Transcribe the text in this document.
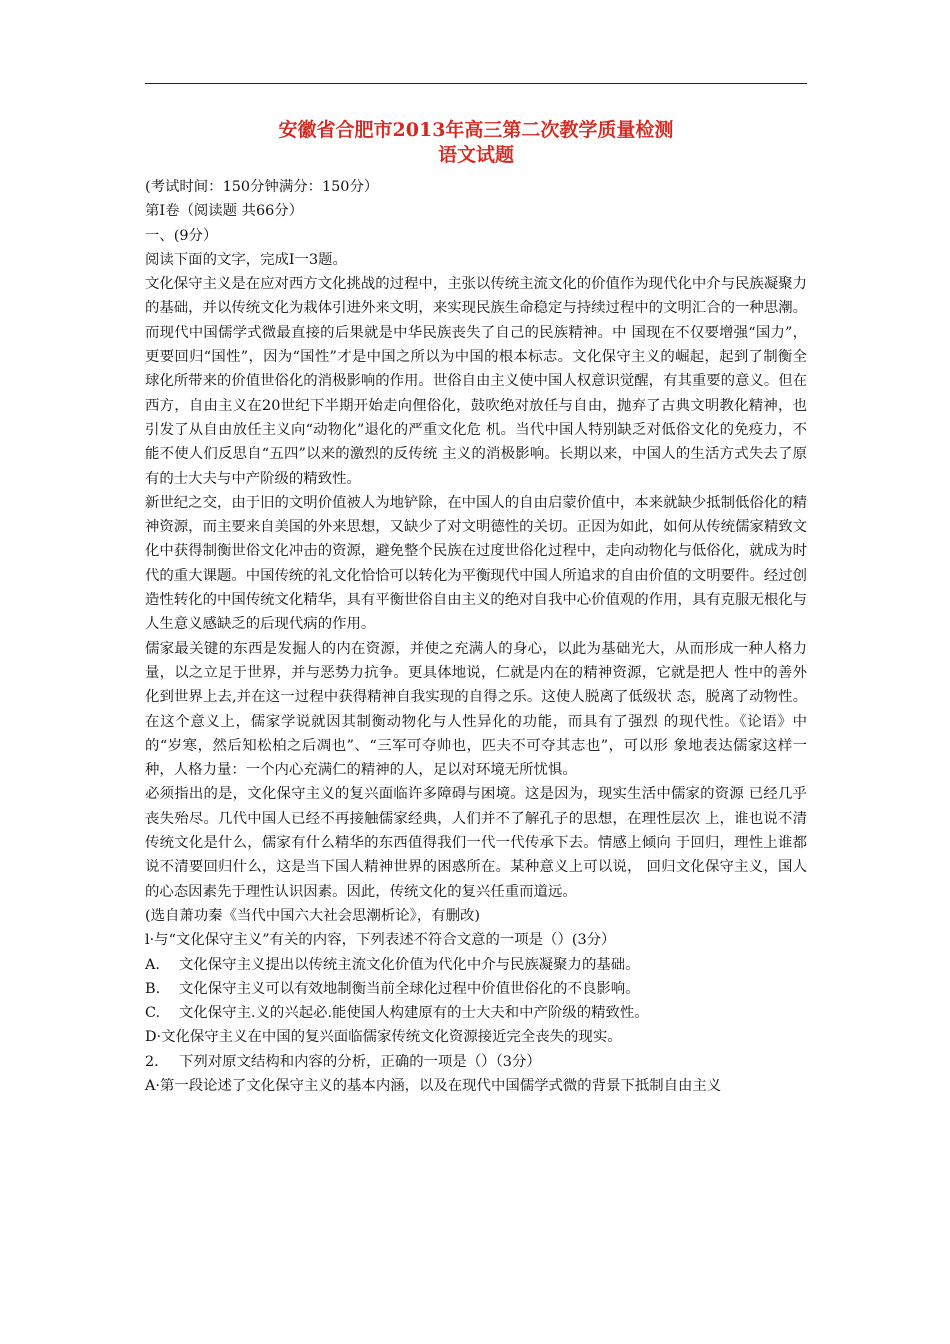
安徽省合肥市2013年高三第二次教学质量检测
语文试题

(考试时间：150分钟满分：150分）

第I卷（阅读题 共66分）

一、(9分）

阅读下面的文字，完成I一3题。

文化保守主义是在应对西方文化挑战的过程中，主张以传统主流文化的价值作为现代化中介与民族凝聚力的基础，并以传统文化为栽体引进外来文明，来实现民族生命稳定与持续过程中的文明汇合的一种思潮。而现代中国儒学式微最直接的后果就是中华民族丧失了自己的民族精神。中 国现在不仅要增强“国力”，更要回归“国性”，因为“国性”才是中国之所以为中国的根本标志。文化保守主义的崛起，起到了制衡全球化所带来的价值世俗化的消极影响的作用。世俗自由主义使中国人权意识觉醒，有其重要的意义。但在西方，自由主义在20世纪下半期开始走向俚俗化，鼓吹绝对放任与自由，抛弃了古典文明教化精神，也引发了从自由放任主义向“动物化”退化的严重文化危 机。当代中国人特别缺乏对低俗文化的免疫力，不能不使人们反思自“五四”以来的激烈的反传统 主义的消极影响。长期以来，中国人的生活方式失去了原有的士大夫与中产阶级的精致性。

新世纪之交，由于旧的文明价值被人为地铲除，在中国人的自由启蒙价值中，本来就缺少抵制低俗化的精神资源，而主要来自美国的外来思想，又缺少了对文明德性的关切。正因为如此，如何从传统儒家精致文化中获得制衡世俗文化冲击的资源，避免整个民族在过度世俗化过程中，走向动物化与低俗化，就成为时代的重大课题。中国传统的礼文化恰恰可以转化为平衡现代中国人所追求的自由价值的文明要件。经过创造性转化的中国传统文化精华，具有平衡世俗自由主义的绝对自我中心价值观的作用，具有克服无根化与人生意义感缺乏的后现代病的作用。

儒家最关键的东西是发掘人的内在资源，并使之充满人的身心，以此为基础光大，从而形成一种人格力量，以之立足于世界，并与恶势力抗争。更具体地说，仁就是内在的精神资源，它就是把人 性中的善外化到世界上去,并在这一过程中获得精神自我实现的自得之乐。这使人脱离了低级状 态，脱离了动物性。在这个意义上，儒家学说就因其制衡动物化与人性异化的功能，而具有了强烈 的现代性。《论语》中的“岁寒，然后知松柏之后凋也”、“三军可夺帅也，匹夫不可夺其志也”，可以形 象地表达儒家这样一种，人格力量：一个内心充满仁的精神的人，足以对环境无所忧惧。

必须指出的是，文化保守主义的复兴面临许多障碍与困境。这是因为，现实生活中儒家的资源 已经几乎丧失殆尽。几代中国人已经不再接触儒家经典，人们并不了解孔子的思想，在理性层次 上，谁也说不清传统文化是什么，儒家有什么精华的东西值得我们一代一代传承下去。情感上倾向 于回归，理性上谁都说不清要回归什么，这是当下国人精神世界的困惑所在。某种意义上可以说， 回归文化保守主义，国人的心态因素先于理性认识因素。因此，传统文化的复兴任重而道远。

(选自萧功秦《当代中国六大社会思潮析论》，有删改)

l·与“文化保守主义”有关的内容，下列表述不符合文意的一项是（）(3分）

A.	文化保守主义提出以传统主流文化价值为代化中介与民族凝聚力的基础。
B.	文化保守主义可以有效地制衡当前全球化过程中价值世俗化的不良影响。
C.	文化保守主.义的兴起必.能使国人构建原有的士大夫和中产阶级的精致性。

D·文化保守主义在中国的复兴面临儒家传统文化资源接近完全丧失的现实。

2.	下列对原文结构和内容的分析，正确的一项是（）（3分）

A·第一段论述了文化保守主义的基本内涵，以及在现代中国儒学式微的背景下抵制自由主义
